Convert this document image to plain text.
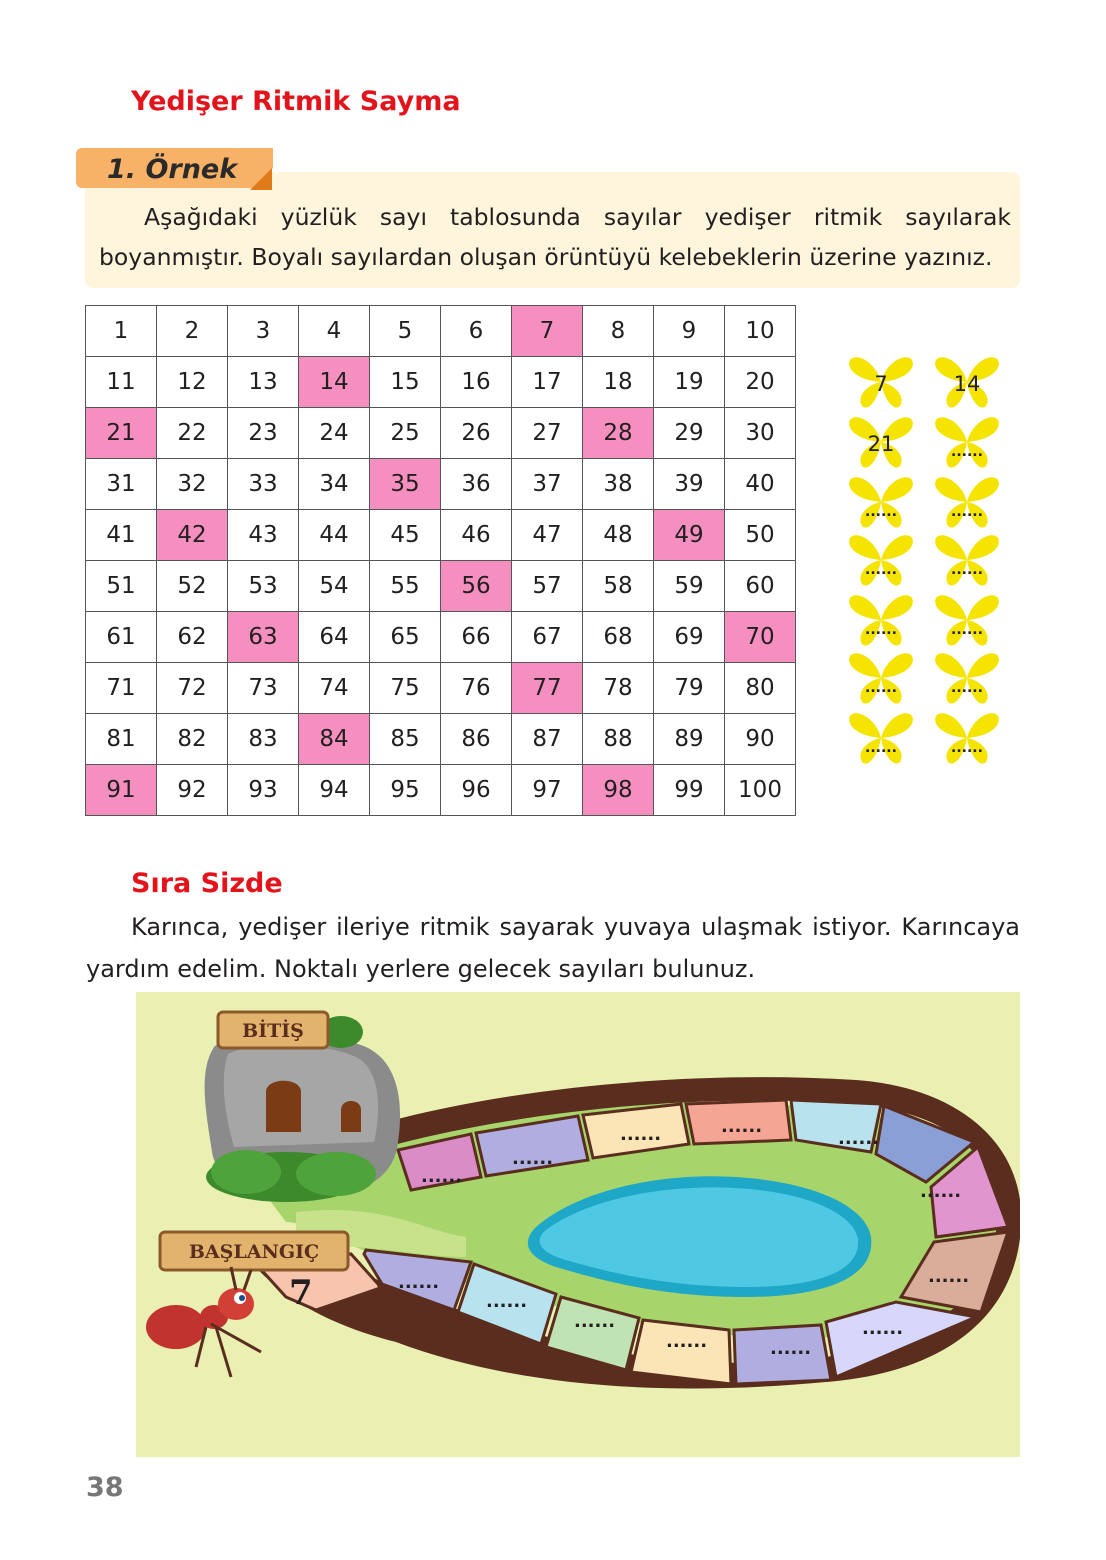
Yedişer Ritmik Sayma
1. Örnek

Aşağıdaki yüzlük sayı tablosunda sayılar yedişer ritmik sayılarak boyanmıştır. Boyalı sayılardan oluşan örüntüyü kelebeklerin üzerine yazınız.

1	2	3	4	5	6	7	8	9	10
11	12	13	14	15	16	17	18	19	20
21	22	23	24	25	26	27	28	29	30
31	32	33	34	35	36	37	38	39	40
41	42	43	44	45	46	47	48	49	50
51	52	53	54	55	56	57	58	59	60
61	62	63	64	65	66	67	68	69	70
71	72	73	74	75	76	77	78	79	80
81	82	83	84	85	86	87	88	89	90
91	92	93	94	95	96	97	98	99	100
7	14
21	......
......	......
......	......
......	......
......	......
......	......
Sıra Sizde

Karınca, yedişer ileriye ritmik sayarak yuvaya ulaşmak istiyor. Karıncaya yardım edelim. Noktalı yerlere gelecek sayıları bulunuz.

......
......
......	......
......
......
......
......
......
......
......
......
......
7
BİTİŞ
BAŞLANGIÇ
38
